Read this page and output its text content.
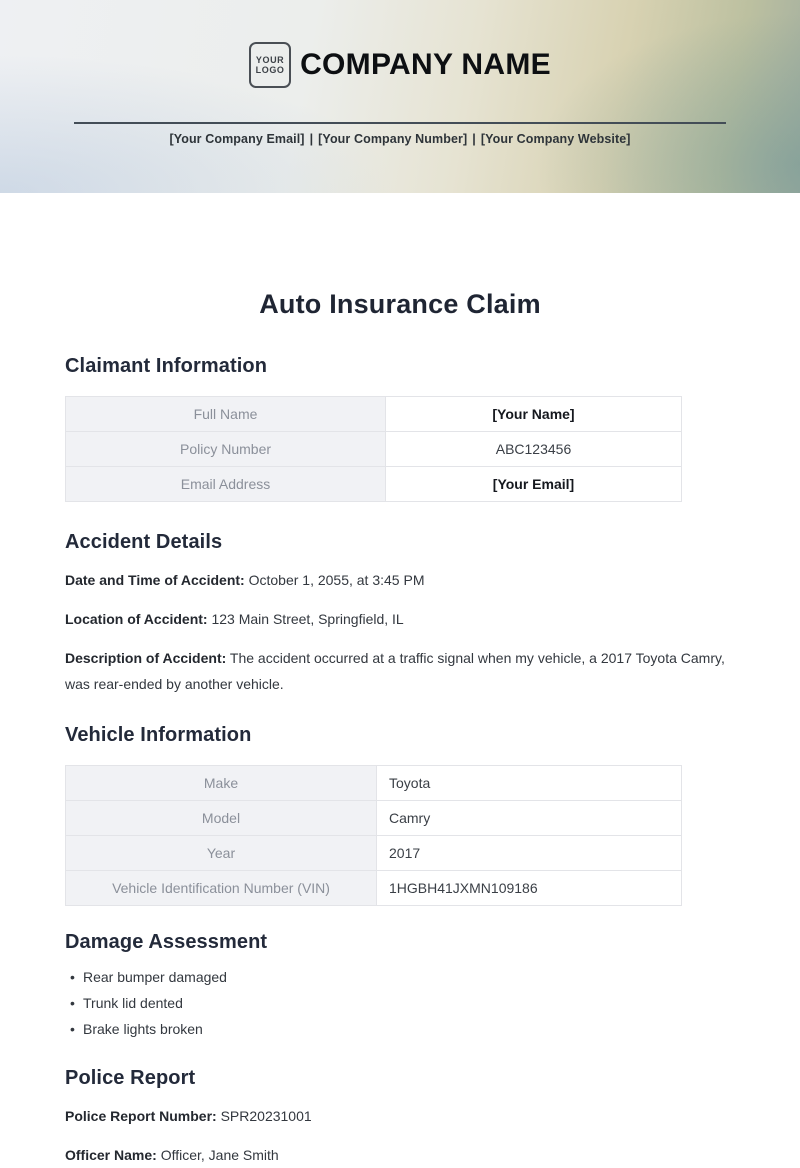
YOUR
LOGO COMPANY NAME
[Your Company Email] | [Your Company Number] | [Your Company Website]
Auto Insurance Claim
Claimant Information
Full Name	[Your Name]
Policy Number	ABC123456
Email Address	[Your Email]
Accident Details

Date and Time of Accident: October 1, 2055, at 3:45 PM

Location of Accident: 123 Main Street, Springfield, IL

Description of Accident: The accident occurred at a traffic signal when my vehicle, a 2017 Toyota Camry, was rear-ended by another vehicle.

Vehicle Information
Make	Toyota
Model	Camry
Year	2017
Vehicle Identification Number (VIN)	1HGBH41JXMN109186
Damage Assessment
• Rear bumper damaged
• Trunk lid dented
• Brake lights broken
Police Report

Police Report Number: SPR20231001

Officer Name: Officer, Jane Smith
